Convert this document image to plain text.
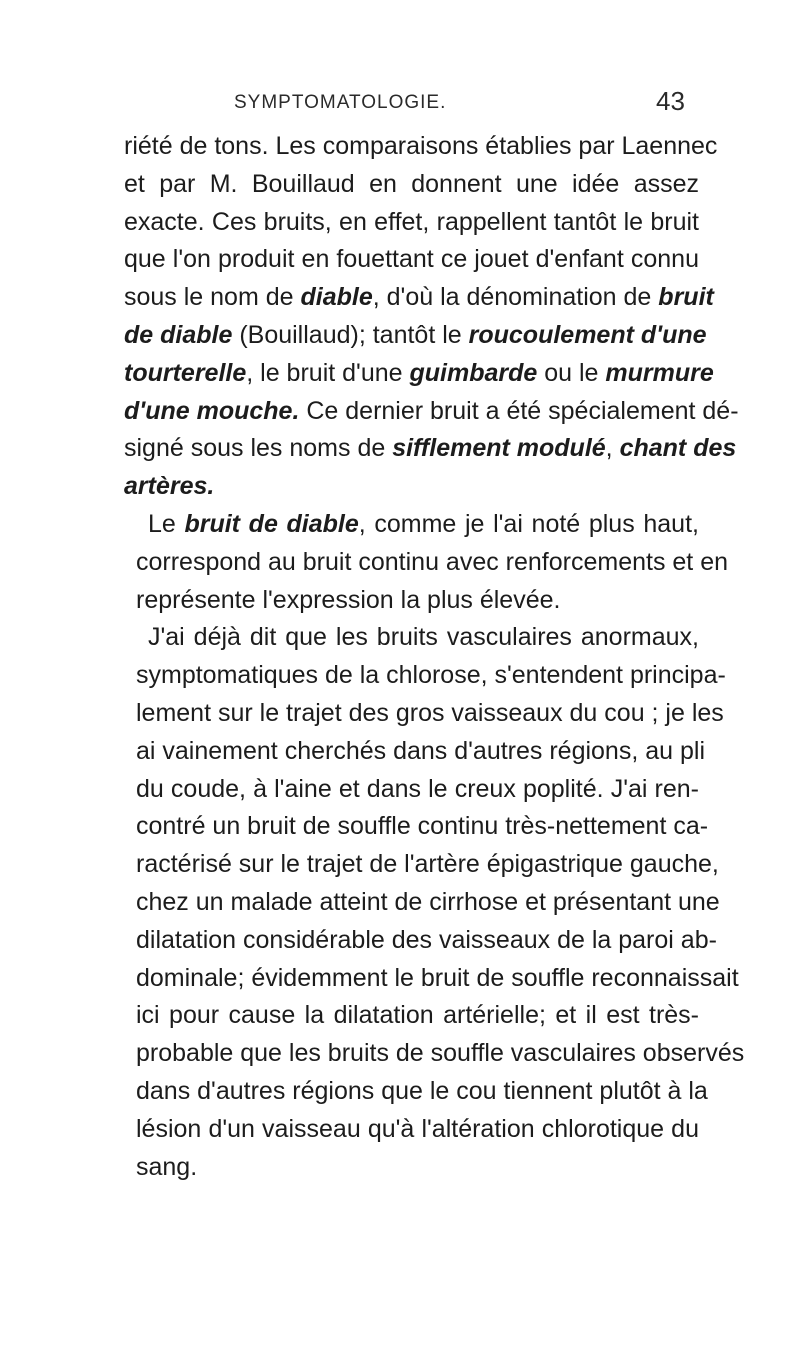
SYMPTOMATOLOGIE.	43
riété de tons. Les comparaisons établies par Laennec
et par M. Bouillaud en donnent une idée assez
exacte. Ces bruits, en effet, rappellent tantôt le bruit
que l'on produit en fouettant ce jouet d'enfant connu
sous le nom de diable, d'où la dénomination de bruit
de diable (Bouillaud); tantôt le roucoulement d'une
tourterelle, le bruit d'une guimbarde ou le murmure
d'une mouche. Ce dernier bruit a été spécialement dé-
signé sous les noms de sifflement modulé, chant des
artères.
Le bruit de diable, comme je l'ai noté plus haut,
correspond au bruit continu avec renforcements et en
représente l'expression la plus élevée.
J'ai déjà dit que les bruits vasculaires anormaux,
symptomatiques de la chlorose, s'entendent principa-
lement sur le trajet des gros vaisseaux du cou ; je les
ai vainement cherchés dans d'autres régions, au pli
du coude, à l'aine et dans le creux poplité. J'ai ren-
contré un bruit de souffle continu très-nettement ca-
ractérisé sur le trajet de l'artère épigastrique gauche,
chez un malade atteint de cirrhose et présentant une
dilatation considérable des vaisseaux de la paroi ab-
dominale; évidemment le bruit de souffle reconnaissait
ici pour cause la dilatation artérielle; et il est très-
probable que les bruits de souffle vasculaires observés
dans d'autres régions que le cou tiennent plutôt à la
lésion d'un vaisseau qu'à l'altération chlorotique du
sang.
